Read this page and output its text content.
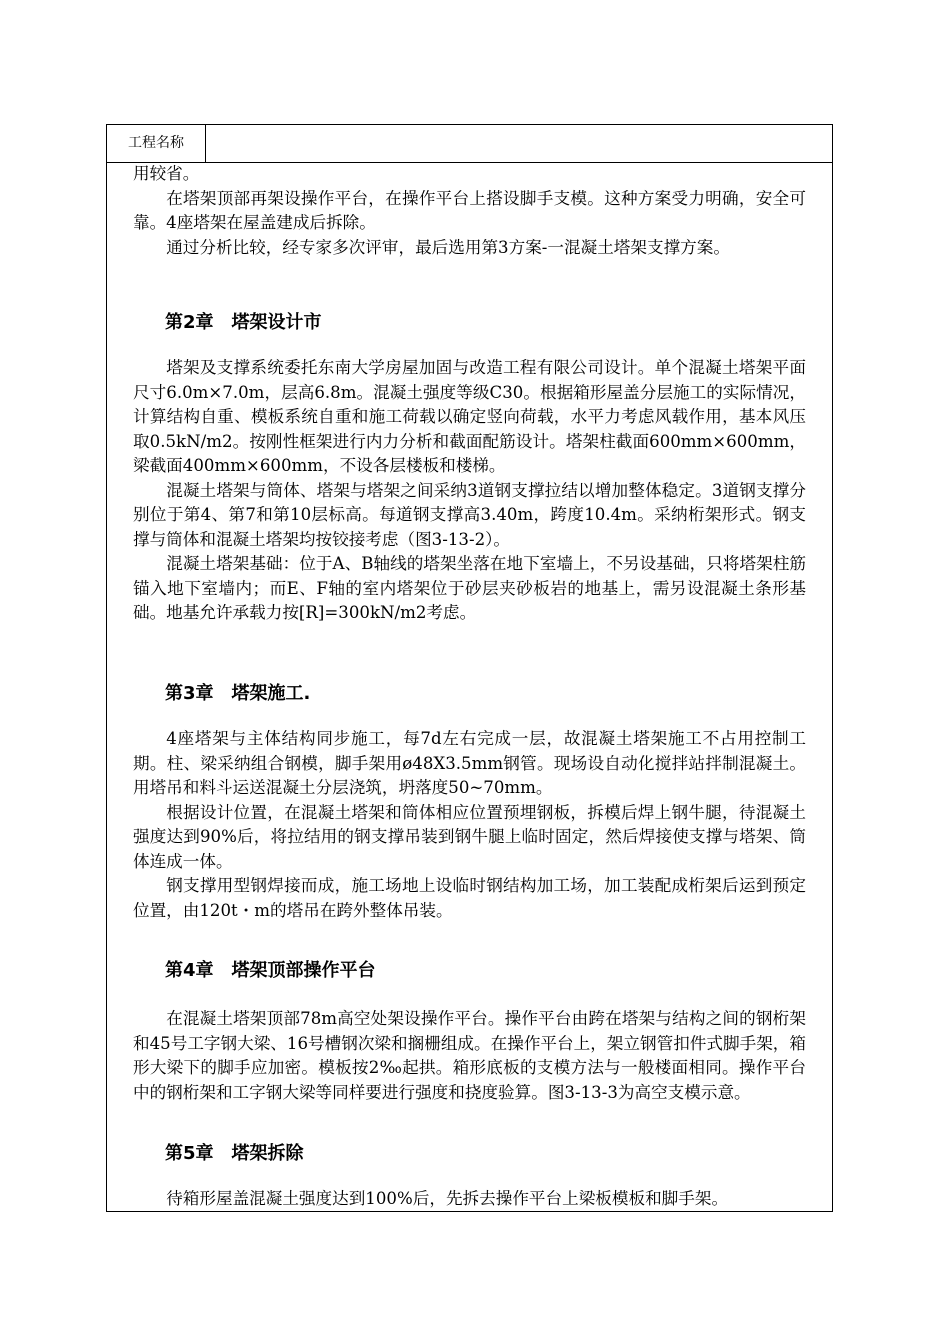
工程名称

用较省。

在塔架顶部再架设操作平台，在操作平台上搭设脚手支模。这种方案受力明确，安全可靠。4座塔架在屋盖建成后拆除。

通过分析比较，经专家多次评审，最后选用第3方案-一混凝土塔架支撑方案。

第2章　塔架设计市

塔架及支撑系统委托东南大学房屋加固与改造工程有限公司设计。单个混凝土塔架平面尺寸6.0m×7.0m，层高6.8m。混凝土强度等级C30。根据箱形屋盖分层施工的实际情况，计算结构自重、模板系统自重和施工荷载以确定竖向荷载，水平力考虑风载作用，基本风压取0.5kN/m2。按刚性框架进行内力分析和截面配筋设计。塔架柱截面600mm×600mm，梁截面400mm×600mm，不设各层楼板和楼梯。

混凝土塔架与筒体、塔架与塔架之间采纳3道钢支撑拉结以增加整体稳定。3道钢支撑分别位于第4、第7和第10层标高。每道钢支撑高3.40m，跨度10.4m。采纳桁架形式。钢支撑与筒体和混凝土塔架均按铰接考虑（图3-13-2）。

混凝土塔架基础：位于A、B轴线的塔架坐落在地下室墙上，不另设基础，只将塔架柱筋锚入地下室墙内；而E、F轴的室内塔架位于砂层夹砂板岩的地基上，需另设混凝土条形基础。地基允许承载力按[R]=300kN/m2考虑。

第3章　塔架施工.

4座塔架与主体结构同步施工，每7d左右完成一层，故混凝土塔架施工不占用控制工期。柱、梁采纳组合钢模，脚手架用ø48X3.5mm钢管。现场设自动化搅拌站拌制混凝土。用塔吊和料斗运送混凝土分层浇筑，坍落度50~70mm。

根据设计位置，在混凝土塔架和筒体相应位置预埋钢板，拆模后焊上钢牛腿，待混凝土强度达到90%后，将拉结用的钢支撑吊装到钢牛腿上临时固定，然后焊接使支撑与塔架、筒体连成一体。

钢支撑用型钢焊接而成，施工场地上设临时钢结构加工场，加工装配成桁架后运到预定位置，由120t・m的塔吊在跨外整体吊装。

第4章　塔架顶部操作平台

在混凝土塔架顶部78m高空处架设操作平台。操作平台由跨在塔架与结构之间的钢桁架和45号工字钢大梁、16号槽钢次梁和搁栅组成。在操作平台上，架立钢管扣件式脚手架，箱形大梁下的脚手应加密。模板按2‰起拱。箱形底板的支模方法与一般楼面相同。操作平台中的钢桁架和工字钢大梁等同样要进行强度和挠度验算。图3-13-3为高空支模示意。

第5章　塔架拆除

待箱形屋盖混凝土强度达到100%后，先拆去操作平台上梁板模板和脚手架。
